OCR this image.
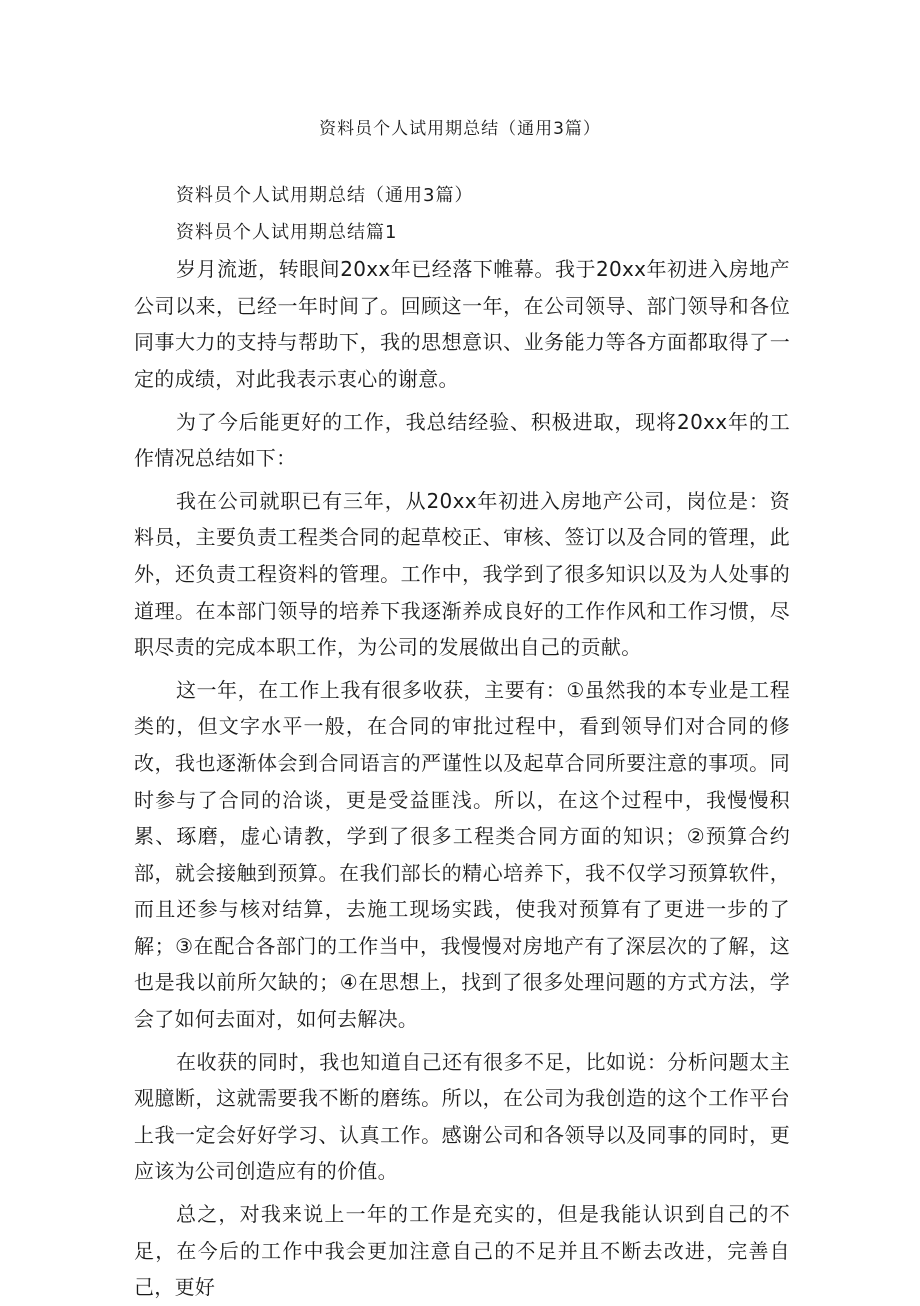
资料员个人试用期总结（通用3篇）

资料员个人试用期总结（通用3篇）

资料员个人试用期总结篇1

岁月流逝，转眼间20xx年已经落下帷幕。我于20xx年初进入房地产公司以来，已经一年时间了。回顾这一年，在公司领导、部门领导和各位同事大力的支持与帮助下，我的思想意识、业务能力等各方面都取得了一定的成绩，对此我表示衷心的谢意。

为了今后能更好的工作，我总结经验、积极进取，现将20xx年的工作情况总结如下：

我在公司就职已有三年，从20xx年初进入房地产公司，岗位是：资料员，主要负责工程类合同的起草校正、审核、签订以及合同的管理，此外，还负责工程资料的管理。工作中，我学到了很多知识以及为人处事的道理。在本部门领导的培养下我逐渐养成良好的工作作风和工作习惯，尽职尽责的完成本职工作，为公司的发展做出自己的贡献。

这一年，在工作上我有很多收获，主要有：①虽然我的本专业是工程类的，但文字水平一般，在合同的审批过程中，看到领导们对合同的修改，我也逐渐体会到合同语言的严谨性以及起草合同所要注意的事项。同时参与了合同的洽谈，更是受益匪浅。所以，在这个过程中，我慢慢积累、琢磨，虚心请教，学到了很多工程类合同方面的知识；②预算合约部，就会接触到预算。在我们部长的精心培养下，我不仅学习预算软件，而且还参与核对结算，去施工现场实践，使我对预算有了更进一步的了解；③在配合各部门的工作当中，我慢慢对房地产有了深层次的了解，这也是我以前所欠缺的；④在思想上，找到了很多处理问题的方式方法，学会了如何去面对，如何去解决。

在收获的同时，我也知道自己还有很多不足，比如说：分析问题太主观臆断，这就需要我不断的磨练。所以，在公司为我创造的这个工作平台上我一定会好好学习、认真工作。感谢公司和各领导以及同事的同时，更应该为公司创造应有的价值。

总之，对我来说上一年的工作是充实的，但是我能认识到自己的不足，在今后的工作中我会更加注意自己的不足并且不断去改进，完善自己，更好
